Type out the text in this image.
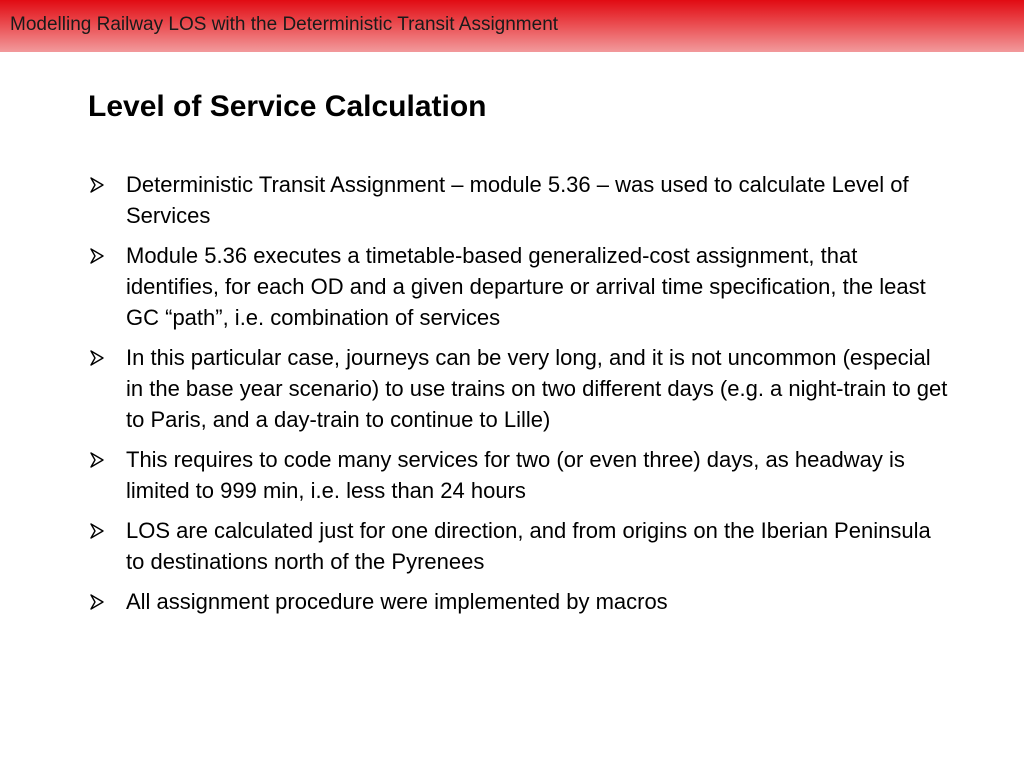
Modelling Railway LOS with the Deterministic Transit Assignment
Level of Service Calculation
Deterministic Transit Assignment – module 5.36 – was used to calculate Level of Services
Module 5.36 executes a timetable-based generalized-cost assignment, that identifies, for each OD and a given departure or arrival time specification, the least GC “path”, i.e. combination of services
In this particular case, journeys can be very long, and it is not uncommon (especial in the base year scenario) to use trains on two different days (e.g. a night-train to get to Paris, and a day-train to continue to Lille)
This requires to code many services for two (or even three) days, as headway is limited to 999 min, i.e. less than 24 hours
LOS are calculated just for one direction, and from origins on the Iberian Peninsula to destinations north of the Pyrenees
All assignment procedure were implemented by macros
